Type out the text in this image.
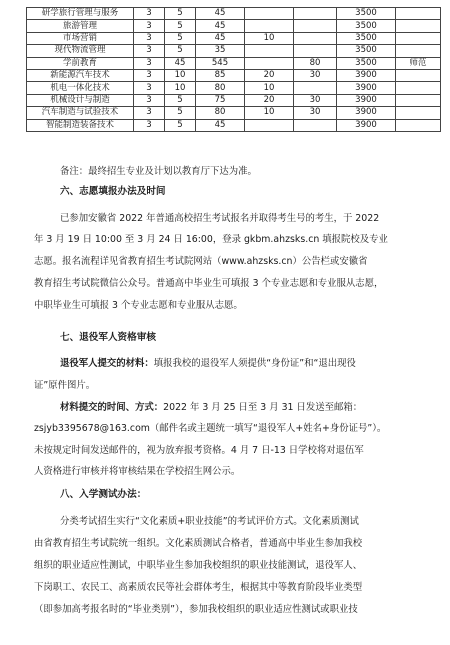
研学旅行管理与服务	3	5	45			3500	
旅游管理	3	5	45			3500	
市场营销	3	5	45	10		3500	
现代物流管理	3	5	35			3500	
学前教育	3	45	545		80	3500	师范
新能源汽车技术	3	10	85	20	30	3900	
机电一体化技术	3	10	80	10		3900	
机械设计与制造	3	5	75	20	30	3900	
汽车制造与试验技术	3	5	80	10	30	3900	
智能制造装备技术	3	5	45			3900	
备注：最终招生专业及计划以教育厅下达为准。
六、志愿填报办法及时间
已参加安徽省 2022 年普通高校招生考试报名并取得考生号的考生，于 2022
年 3 月 19 日 10:00 至 3 月 24 日 16:00，登录 gkbm.ahzsks.cn 填报院校及专业
志愿。报名流程详见省教育招生考试院网站（www.ahzsks.cn）公告栏或安徽省
教育招生考试院微信公众号。普通高中毕业生可填报 3 个专业志愿和专业服从志愿，
中职毕业生可填报 3 个专业志愿和专业服从志愿。
七、退役军人资格审核
退役军人提交的材料：填报我校的退役军人须提供“身份证”和“退出现役
证”原件图片。
材料提交的时间、方式：2022 年 3 月 25 日至 3 月 31 日发送至邮箱：
zsjyb3395678@163.com（邮件名或主题统一填写“退役军人+姓名+身份证号”）。
未按规定时间发送邮件的，视为放弃报考资格。4 月 7 日-13 日学校将对退伍军
人资格进行审核并将审核结果在学校招生网公示。
八、入学测试办法：
分类考试招生实行“文化素质+职业技能”的考试评价方式。文化素质测试
由省教育招生考试院统一组织。文化素质测试合格者，普通高中毕业生参加我校
组织的职业适应性测试，中职毕业生参加我校组织的职业技能测试，退役军人、
下岗职工、农民工、高素质农民等社会群体考生，根据其中等教育阶段毕业类型
（即参加高考报名时的“毕业类别”），参加我校组织的职业适应性测试或职业技
